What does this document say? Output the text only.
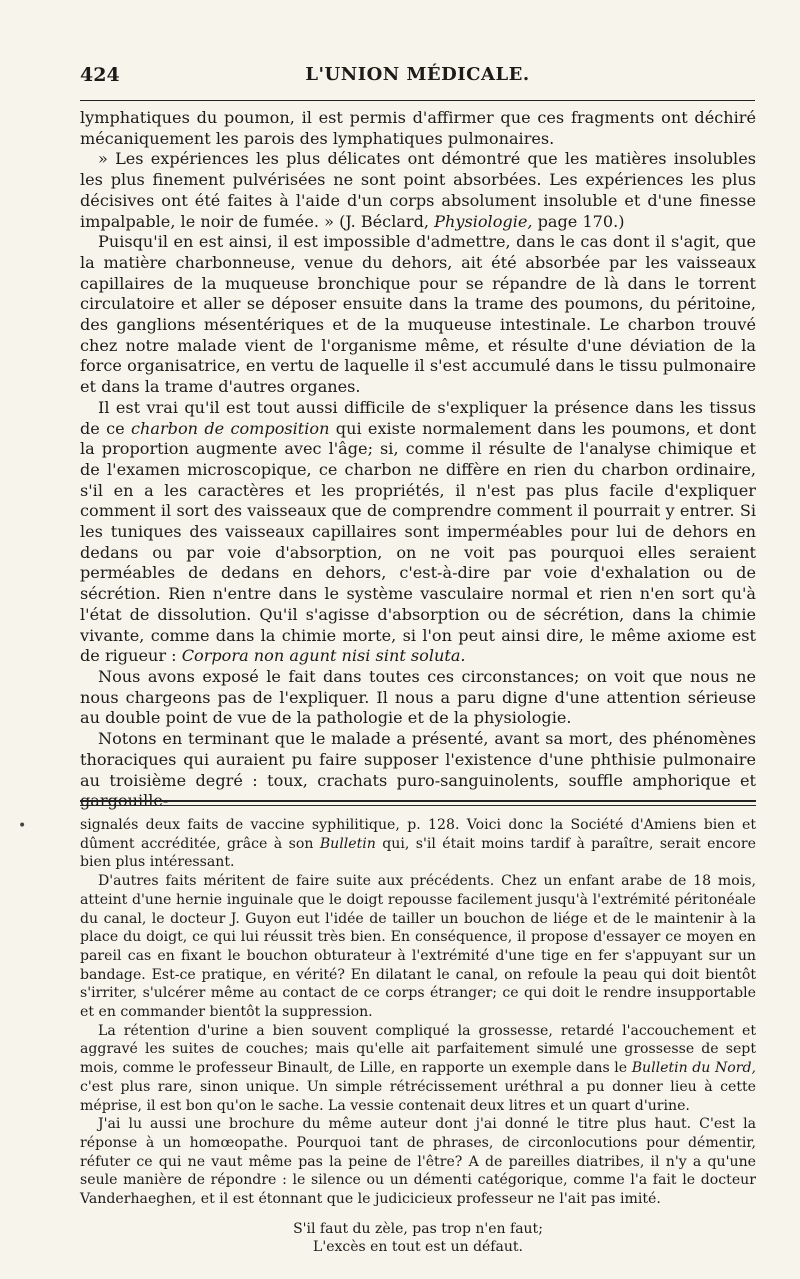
424	L'UNION MÉDICALE.

lymphatiques du poumon, il est permis d'affirmer que ces fragments ont déchiré mécaniquement les parois des lymphatiques pulmonaires.

» Les expériences les plus délicates ont démontré que les matières insolubles les plus finement pulvérisées ne sont point absorbées. Les expériences les plus décisives ont été faites à l'aide d'un corps absolument insoluble et d'une finesse impalpable, le noir de fumée. » (J. Béclard, Physiologie, page 170.)

Puisqu'il en est ainsi, il est impossible d'admettre, dans le cas dont il s'agit, que la matière charbonneuse, venue du dehors, ait été absorbée par les vaisseaux capillaires de la muqueuse bronchique pour se répandre de là dans le torrent circulatoire et aller se déposer ensuite dans la trame des poumons, du péritoine, des ganglions mésentériques et de la muqueuse intestinale. Le charbon trouvé chez notre malade vient de l'organisme même, et résulte d'une déviation de la force organisatrice, en vertu de laquelle il s'est accumulé dans le tissu pulmonaire et dans la trame d'autres organes.

Il est vrai qu'il est tout aussi difficile de s'expliquer la présence dans les tissus de ce charbon de composition qui existe normalement dans les poumons, et dont la proportion augmente avec l'âge; si, comme il résulte de l'analyse chimique et de l'examen microscopique, ce charbon ne diffère en rien du charbon ordinaire, s'il en a les caractères et les propriétés, il n'est pas plus facile d'expliquer comment il sort des vaisseaux que de comprendre comment il pourrait y entrer. Si les tuniques des vaisseaux capillaires sont imperméables pour lui de dehors en dedans ou par voie d'absorption, on ne voit pas pourquoi elles seraient perméables de dedans en dehors, c'est-à-dire par voie d'exhalation ou de sécrétion. Rien n'entre dans le système vasculaire normal et rien n'en sort qu'à l'état de dissolution. Qu'il s'agisse d'absorption ou de sécrétion, dans la chimie vivante, comme dans la chimie morte, si l'on peut ainsi dire, le même axiome est de rigueur : Corpora non agunt nisi sint soluta.

Nous avons exposé le fait dans toutes ces circonstances; on voit que nous ne nous chargeons pas de l'expliquer. Il nous a paru digne d'une attention sérieuse au double point de vue de la pathologie et de la physiologie.

Notons en terminant que le malade a présenté, avant sa mort, des phénomènes thoraciques qui auraient pu faire supposer l'existence d'une phthisie pulmonaire au troisième degré : toux, crachats puro-sanguinolents, souffle amphorique et gargouille-

•	signalés deux faits de vaccine syphilitique, p. 128. Voici donc la Société d'Amiens bien et dûment accréditée, grâce à son Bulletin qui, s'il était moins tardif à paraître, serait encore bien plus intéressant.

D'autres faits méritent de faire suite aux précédents. Chez un enfant arabe de 18 mois, atteint d'une hernie inguinale que le doigt repousse facilement jusqu'à l'extrémité péritonéale du canal, le docteur J. Guyon eut l'idée de tailler un bouchon de liége et de le maintenir à la place du doigt, ce qui lui réussit très bien. En conséquence, il propose d'essayer ce moyen en pareil cas en fixant le bouchon obturateur à l'extrémité d'une tige en fer s'appuyant sur un bandage. Est-ce pratique, en vérité? En dilatant le canal, on refoule la peau qui doit bientôt s'irriter, s'ulcérer même au contact de ce corps étranger; ce qui doit le rendre insupportable et en commander bientôt la suppression.

La rétention d'urine a bien souvent compliqué la grossesse, retardé l'accouchement et aggravé les suites de couches; mais qu'elle ait parfaitement simulé une grossesse de sept mois, comme le professeur Binault, de Lille, en rapporte un exemple dans le Bulletin du Nord, c'est plus rare, sinon unique. Un simple rétrécissement uréthral a pu donner lieu à cette méprise, il est bon qu'on le sache. La vessie contenait deux litres et un quart d'urine.

J'ai lu aussi une brochure du même auteur dont j'ai donné le titre plus haut. C'est la réponse à un homœopathe. Pourquoi tant de phrases, de circonlocutions pour démentir, réfuter ce qui ne vaut même pas la peine de l'être? A de pareilles diatribes, il n'y a qu'une seule manière de répondre : le silence ou un démenti catégorique, comme l'a fait le docteur Vanderhaeghen, et il est étonnant que le judicicieux professeur ne l'ait pas imité.

S'il faut du zèle, pas trop n'en faut;
L'excès en tout est un défaut.
